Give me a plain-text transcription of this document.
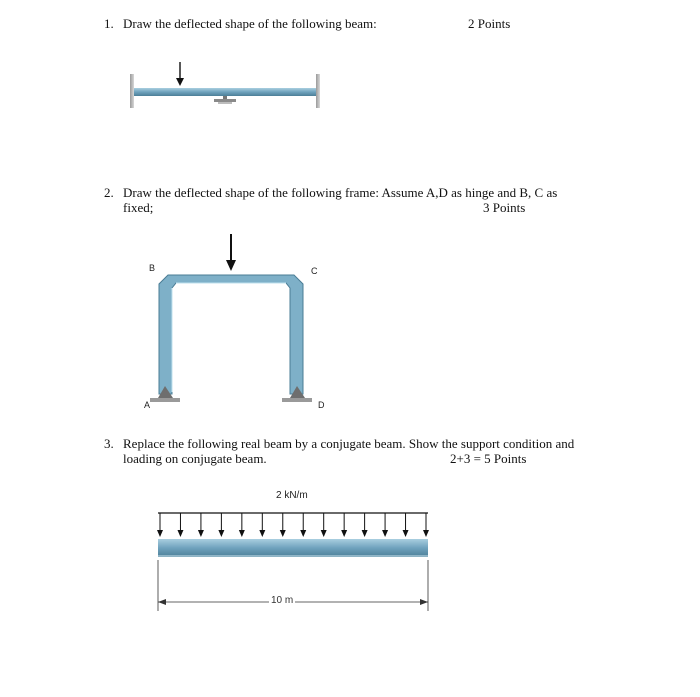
1. Draw the deflected shape of the following beam:	2 Points
2. Draw the deflected shape of the following frame: Assume A,D as hinge and B, C as
fixed;	3 Points
3. Replace the following real beam by a conjugate beam. Show the support condition and
loading on conjugate beam.	2+3 = 5 Points
B	C
A	D
2 kN/m
10 m
